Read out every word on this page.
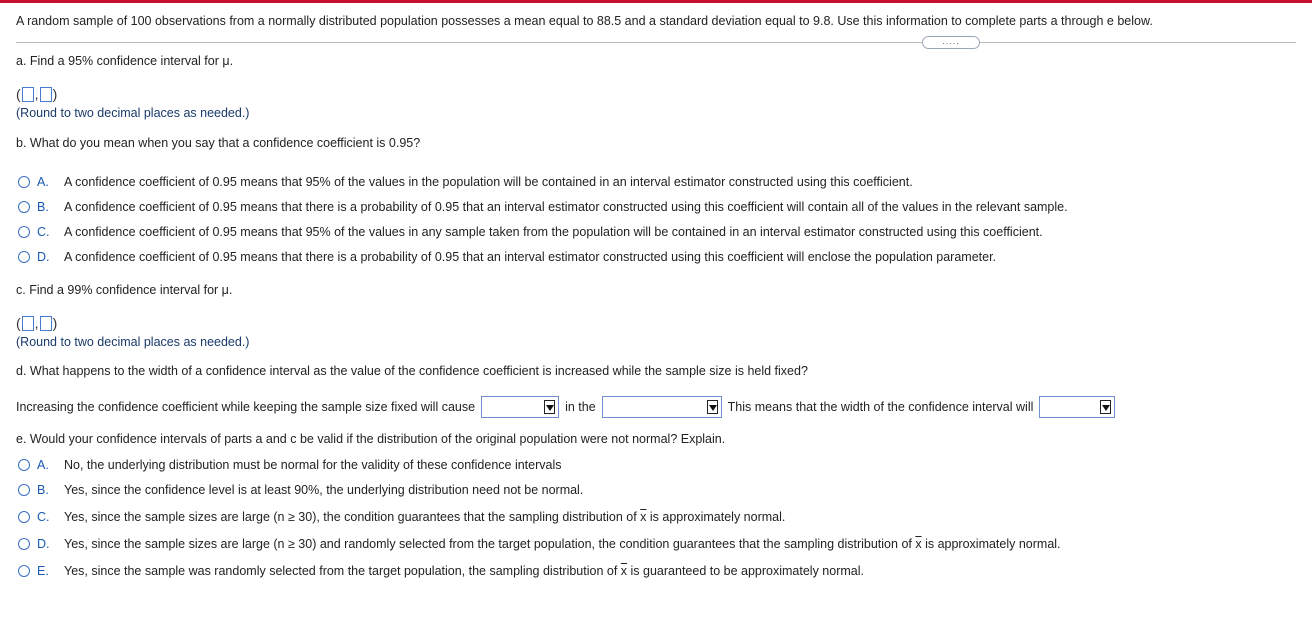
A random sample of 100 observations from a normally distributed population possesses a mean equal to 88.5 and a standard deviation equal to 9.8. Use this information to complete parts a through e below.
.....
a. Find a 95% confidence interval for μ.
( , )
(Round to two decimal places as needed.)
b. What do you mean when you say that a confidence coefficient is 0.95?
A.	A confidence coefficient of 0.95 means that 95% of the values in the population will be contained in an interval estimator constructed using this coefficient.
B.	A confidence coefficient of 0.95 means that there is a probability of 0.95 that an interval estimator constructed using this coefficient will contain all of the values in the relevant sample.
C.	A confidence coefficient of 0.95 means that 95% of the values in any sample taken from the population will be contained in an interval estimator constructed using this coefficient.
D.	A confidence coefficient of 0.95 means that there is a probability of 0.95 that an interval estimator constructed using this coefficient will enclose the population parameter.
c. Find a 99% confidence interval for μ.
( , )
(Round to two decimal places as needed.)
d. What happens to the width of a confidence interval as the value of the confidence coefficient is increased while the sample size is held fixed?
Increasing the confidence coefficient while keeping the sample size fixed will cause	in the	This means that the width of the confidence interval will
e. Would your confidence intervals of parts a and c be valid if the distribution of the original population were not normal? Explain.
A.	No, the underlying distribution must be normal for the validity of these confidence intervals
B.	Yes, since the confidence level is at least 90%, the underlying distribution need not be normal.
C.	Yes, since the sample sizes are large (n ≥ 30), the condition guarantees that the sampling distribution of $\overline{x}$ is approximately normal.
D.	Yes, since the sample sizes are large (n ≥ 30) and randomly selected from the target population, the condition guarantees that the sampling distribution of $\overline{x}$ is approximately normal.
E.	Yes, since the sample was randomly selected from the target population, the sampling distribution of $\overline{x}$ is guaranteed to be approximately normal.
